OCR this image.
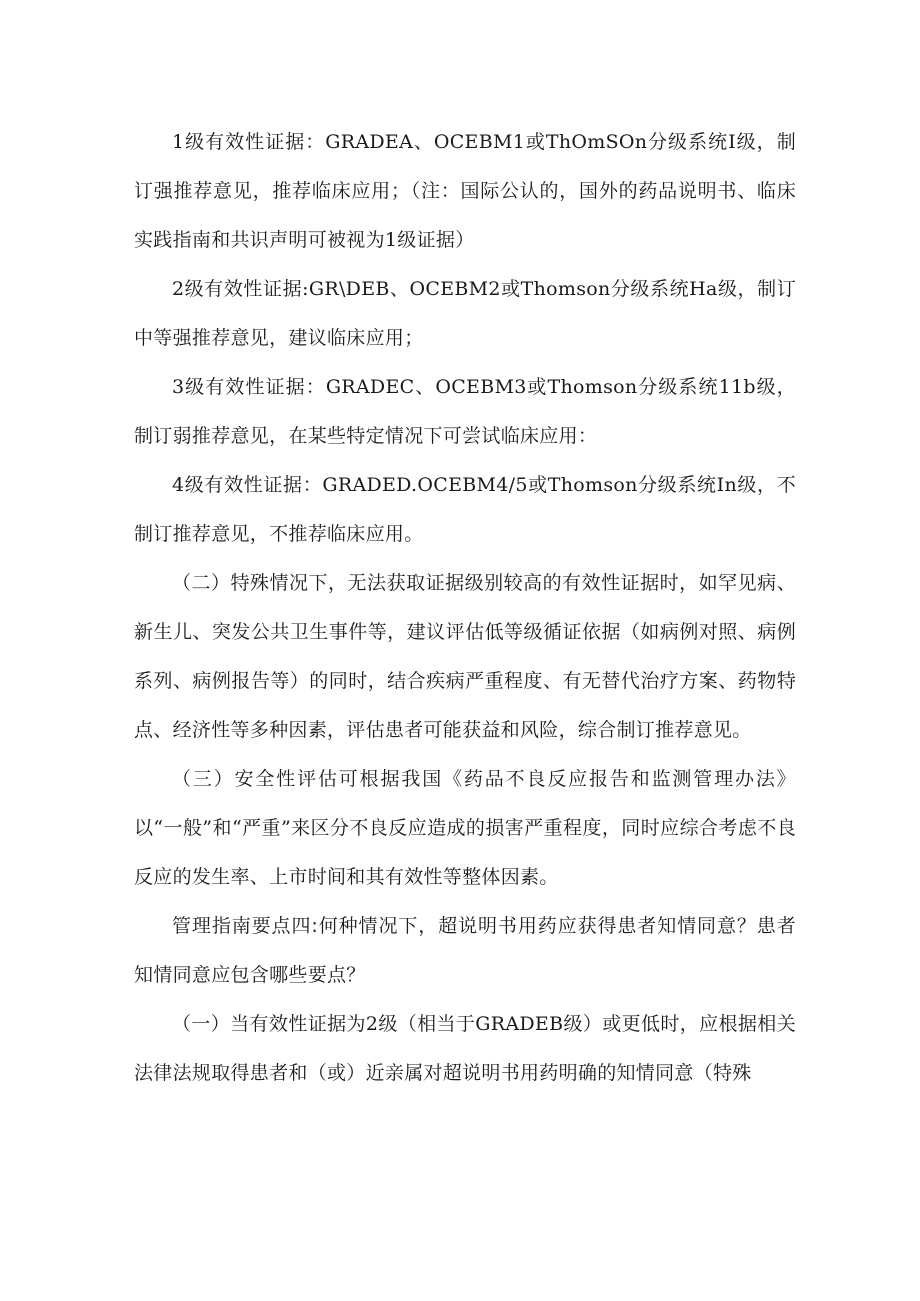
1级有效性证据：GRADEA、OCEBM1或ThOmSOn分级系统I级，制订强推荐意见，推荐临床应用；（注：国际公认的，国外的药品说明书、临床实践指南和共识声明可被视为1级证据）

2级有效性证据:GR\DEB、OCEBM2或Thomson分级系统Ha级，制订中等强推荐意见，建议临床应用；

3级有效性证据：GRADEC、OCEBM3或Thomson分级系统11b级，制订弱推荐意见，在某些特定情况下可尝试临床应用：

4级有效性证据：GRADED.OCEBM4/5或Thomson分级系统In级，不制订推荐意见，不推荐临床应用。

（二）特殊情况下，无法获取证据级别较高的有效性证据时，如罕见病、新生儿、突发公共卫生事件等，建议评估低等级循证依据（如病例对照、病例系列、病例报告等）的同时，结合疾病严重程度、有无替代治疗方案、药物特点、经济性等多种因素，评估患者可能获益和风险，综合制订推荐意见。

（三）安全性评估可根据我国《药品不良反应报告和监测管理办法》以“一般”和“严重”来区分不良反应造成的损害严重程度，同时应综合考虑不良反应的发生率、上市时间和其有效性等整体因素。

管理指南要点四:何种情况下，超说明书用药应获得患者知情同意？患者知情同意应包含哪些要点？

（一）当有效性证据为2级（相当于GRADEB级）或更低时，应根据相关法律法规取得患者和（或）近亲属对超说明书用药明确的知情同意（特殊
